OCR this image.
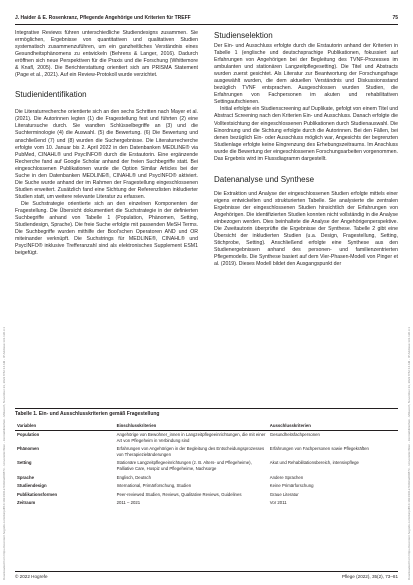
Downloaded from https://econtent.hogrefe.com/doi/pdf/10.1024/1012-5302/a000873 - Universität Wien - Zentralbibliothek - Mittwoch, November 23, 2022 8:52:14 AM - IP Address:131.130.3.1	Downloaded from https://econtent.hogrefe.com/doi/pdf/10.1024/1012-5302/a000873 - Universität Wien - Zentralbibliothek - Mittwoch, November 23, 2022 8:52:14 AM - IP Address:131.130.3.1
J. Haider & E. Rosenkranz, Pflegende Angehörige und Kriterien für TREFF	75

Integrative Reviews führen unterschiedliche Studiendesigns zusammen. Sie ermöglichen, Ergebnisse von quantitativen und qualitativen Studien systematisch zusammenzuführen, um ein ganzheitliches Verständnis eines Gesundheitsphänomens zu entwickeln (Behrens & Langer, 2016). Dadurch eröffnen sich neue Perspektiven für die Praxis und die Forschung (Whittemore & Knafl, 2005). Die Berichterstattung orientiert sich am PRISMA Statement (Page et al., 2021). Auf ein Review-Protokoll wurde verzichtet.

Studienidentifikation

Die Literaturrecherche orientierte sich an den sechs Schritten nach Mayer et al. (2021). Die Autorinnen legten (1) die Fragestellung fest und führten (2) eine Literatursuche durch. Sie wandten Schlüsselbegriffe an (3) und die Suchterminologie (4) die Auswahl. (5) die Bewertung. (6) Die Bewertung und anschließend (7) und (8) wurden die Suchergebnisse. Die Literaturrecherche erfolgte vom 10. Januar bis 2. April 2022 in den Datenbanken MEDLINE® via PubMed, CINAHL® und PsycINFO® durch die Erstautorin. Eine ergänzende Recherche fand auf Google Scholar anhand der freien Suchbegriffe statt. Bei eingeschlossenen Publikationen wurde die Option Similar Articles bei der Suche in den Datenbanken MEDLINE®, CINAHL® und PsycINFO® aktiviert. Die Suche wurde anhand der im Rahmen der Fragestellung eingeschlossenen Studien erweitert. Zusätzlich fand eine Sichtung der Referenzlisten inkludierter Studien statt, um weitere relevante Literatur zu erfassen.

Die Suchstrategie orientierte sich an den einzelnen Komponenten der Fragestellung. Die Übersicht dokumentiert die Suchstrategie in der definierten Suchbegriffe anhand von Tabelle 1 (Population, Phänomen, Setting, Studiendesign, Sprache). Die freie Suche erfolgte mit passenden MeSH Terms. Die Suchbegriffe wurden mithilfe der Bool'schen Operatoren AND und OR miteinander verknüpft. Die Suchstrings für MEDLINE®, CINAHL® und PsycINFO® inklusive Trefferanzahl sind als elektronisches Supplement ESM1 beigefügt.

Studienselektion

Der Ein- und Ausschluss erfolgte durch die Erstautorin anhand der Kriterien in Tabelle 1 (englische und deutschsprachige Publikationen, fokussiert auf Erfahrungen von Angehörigen bei der Begleitung des TVNF-Prozesses im ambulanten und stationären Langzeitpflegesetting). Die Titel und Abstracts wurden zuerst gesichtet. Als Literatur zur Beantwortung der Forschungsfrage ausgewählt wurden, die dem aktuellen Verständnis und Diskussionsstand bezüglich TVNF entsprachen. Ausgeschlossen wurden Studien, die Erfahrungen von Fachpersonen im akuten und rehabilitativen Settingaufschienen.

Initial erfolgte ein Studienscreening auf Duplikate, gefolgt von einem Titel und Abstract Screening nach den Kriterien Ein- und Ausschluss. Danach erfolgte die Volltextsichtung der eingeschlossenen Publikationen durch Studienauswahl. Die Einordnung und die Sichtung erfolgte durch die Autorinnen. Bei den Fällen, bei denen bezüglich Ein- oder Ausschluss möglich war, Angesichts der begrenzten Studienlage erfolgte keine Eingrenzung des Erhebungszeitraums. Im Anschluss wurde die Bewertung der eingeschlossenen Forschungsarbeiten vorgenommen. Das Ergebnis wird im Flussdiagramm dargestellt.

Datenanalyse und Synthese

Die Extraktion und Analyse der eingeschlossenen Studien erfolgte mittels einer eigens entwickelten und strukturierten Tabelle. Sie analysierte die zentralen Ergebnisse der eingeschlossenen Studien hinsichtlich der Erfahrungen von Angehörigen. Die identifizierten Studien konnten nicht vollständig in die Analyse einbezogen werden. Dies beinhaltete die Analyse der Angehörigenperspektive. Die Zweitautorin überprüfte die Ergebnisse der Synthese. Tabelle 2 gibt eine Übersicht der inkludierten Studien (u.a. Design, Fragestellung, Setting, Stichprobe, Setting). Anschließend erfolgte eine Synthese aus den Studienergebnissen anhand des personen- und familienzentrierten Pflegemodells. Die Synthese basiert auf dem Vier-Phasen-Modell von Pinger et al. (2019). Dieses Modell bildet den Ausgangspunkt der

Tabelle 1. Ein- und Ausschlusskriterien gemäß Fragestellung
Variablen	Einschlusskriterien	Ausschlusskriterien
Population	Angehörige von Bewohner_innen in Langzeitpflegeeinrichtungen, die mit einer Art von Pflegeheim in Verbindung sind	Gesundheitsfachpersonen
Phänomen	Erfahrungen von Angehörigen in der Begleitung des Entscheidungsprozesses von Therapiezieländerungen	Erfahrungen von Fachpersonen sowie Pflegekräften
Setting	Stationäre Langzeitpflegeeinrichtungen (z. B. Alters- und Pflegeheime), Palliative Care, Hospiz und Pflegeheime, Nachsorge	Akut und Rehabilitationsbereich, intensivpflege
Sprache	Englisch, Deutsch	Andere Sprachen
Studiendesign	International, Primärforschung, Studien	Keine Primärforschung
Publikationsformen	Peer-reviewed Studien, Reviews, Qualitative Reviews, Guidelines	Graue Literatur
Zeitraum	2011 – 2021	Vor 2011
© 2022 Hogrefe	Pflege (2022), 35(2), 73–81
